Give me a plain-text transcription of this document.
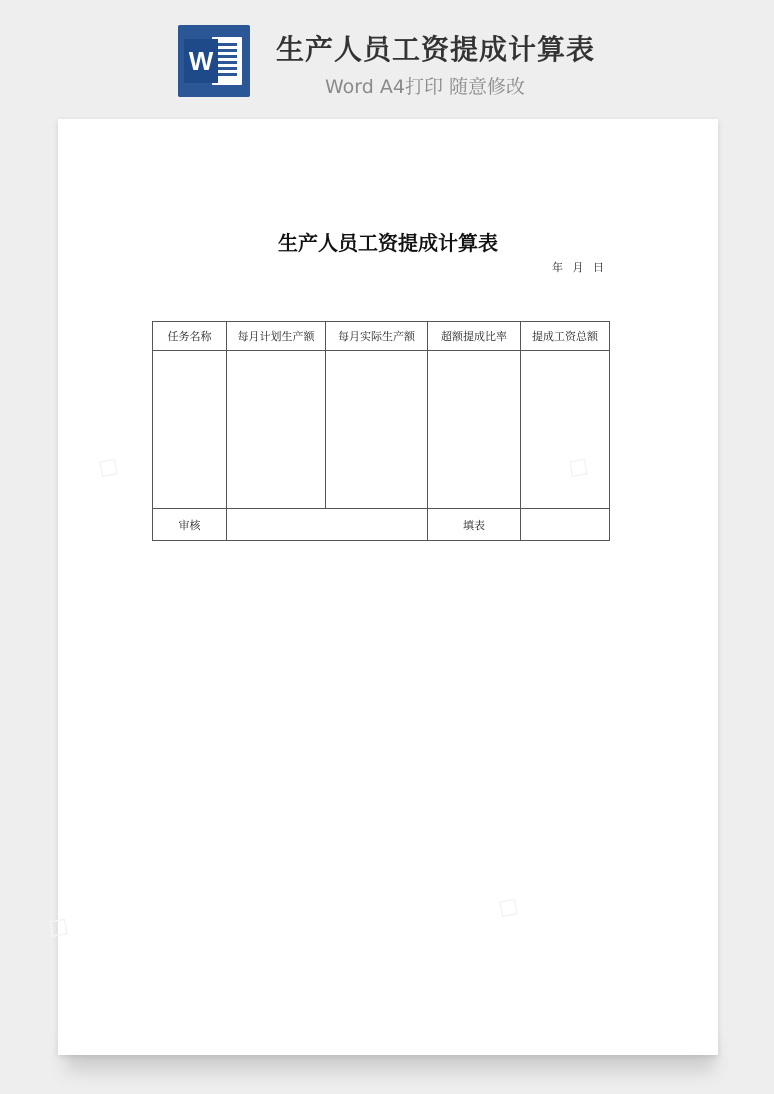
W 生产人员工资提成计算表
Word A4打印 随意修改
◇	◇
◇
◇
生产人员工资提成计算表
年 月 日
任务名称	每月计划生产额	每月实际生产额	超额提成比率	提成工资总额

审核			填表	
